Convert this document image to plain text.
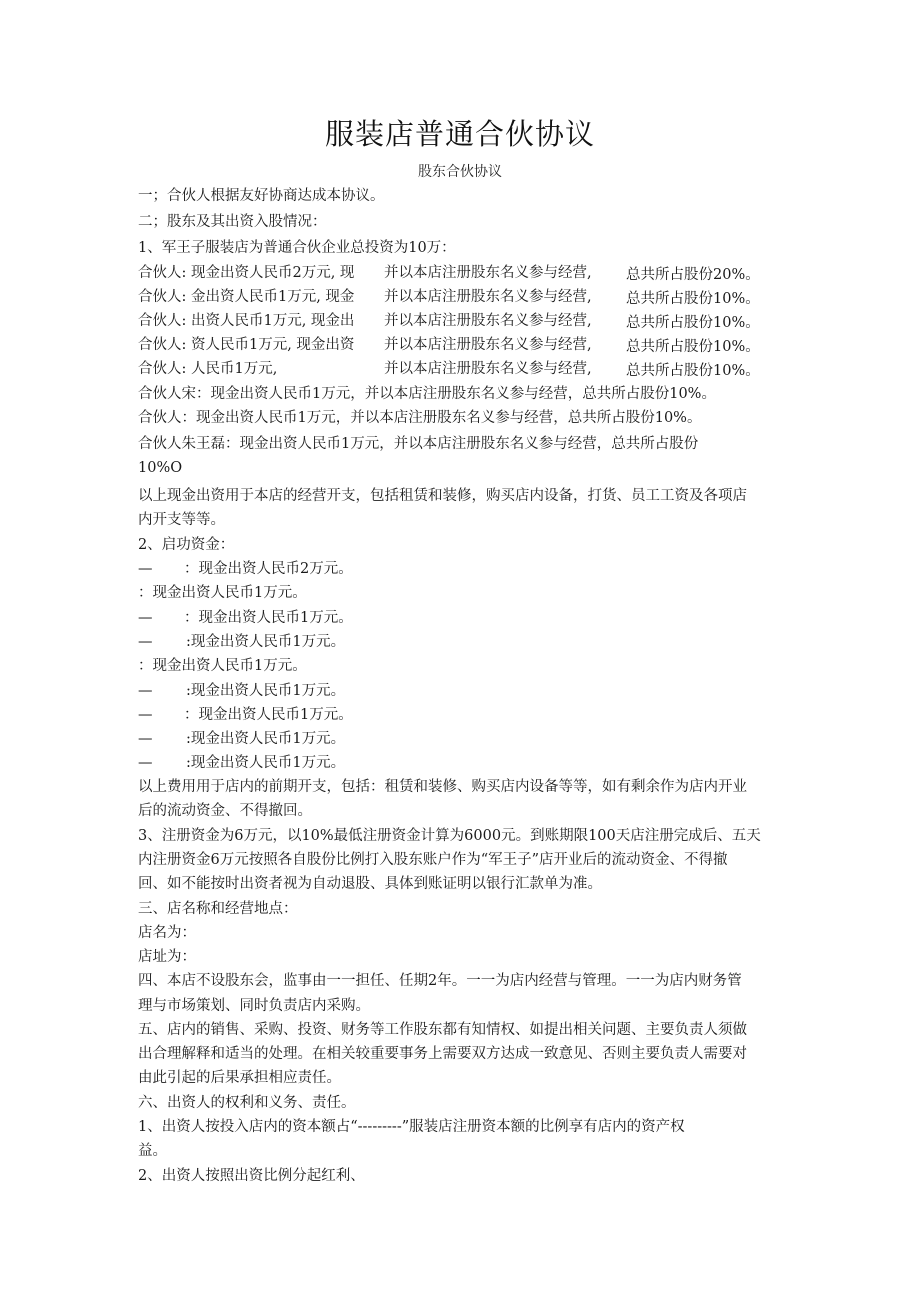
服装店普通合伙协议
股东合伙协议
一；合伙人根据友好协商达成本协议。
二；股东及其出资入股情况：
1、军王子服装店为普通合伙企业总投资为10万：
合伙人: 现金出资人民币2万元, 现 并以本店注册股东名义参与经营, 总共所占股份20%。
合伙人: 金出资人民币1万元, 现金 并以本店注册股东名义参与经营, 总共所占股份10%。
合伙人: 出资人民币1万元, 现金出 并以本店注册股东名义参与经营, 总共所占股份10%。
合伙人: 资人民币1万元, 现金出资 并以本店注册股东名义参与经营, 总共所占股份10%。
合伙人: 人民币1万元,	并以本店注册股东名义参与经营, 总共所占股份10%。
合伙人宋：现金出资人民币1万元，并以本店注册股东名义参与经营，总共所占股份10%。
合伙人：现金出资人民币1万元，并以本店注册股东名义参与经营，总共所占股份10%。
合伙人朱王磊：现金出资人民币1万元，并以本店注册股东名义参与经营，总共所占股份
10%O
以上现金出资用于本店的经营开支，包括租赁和装修，购买店内设备，打货、员工工资及各项店
内开支等等。
2、启功资金：
— ：现金出资人民币2万元。
：现金出资人民币1万元。
— ：现金出资人民币1万元。
— :现金出资人民币1万元。
：现金出资人民币1万元。
— :现金出资人民币1万元。
— ：现金出资人民币1万元。
— :现金出资人民币1万元。
— :现金出资人民币1万元。
以上费用用于店内的前期开支，包括：租赁和装修、购买店内设备等等，如有剩余作为店内开业
后的流动资金、不得撤回。
3、注册资金为6万元，以10%最低注册资金计算为6000元。到账期限100天店注册完成后、五天
内注册资金6万元按照各自股份比例打入股东账户作为“军王子”店开业后的流动资金、不得撤
回、如不能按时出资者视为自动退股、具体到账证明以银行汇款单为准。
三、店名称和经营地点：
店名为：
店址为：
四、本店不设股东会，监事由一一担任、任期2年。一一为店内经营与管理。一一为店内财务管
理与市场策划、同时负责店内采购。
五、店内的销售、采购、投资、财务等工作股东都有知情权、如提出相关问题、主要负责人须做
出合理解释和适当的处理。在相关较重要事务上需要双方达成一致意见、否则主要负责人需要对
由此引起的后果承担相应责任。
六、出资人的权利和义务、责任。
1、出资人按投入店内的资本额占“---------”服装店注册资本额的比例享有店内的资产权
益。
2、出资人按照出资比例分起红利、
